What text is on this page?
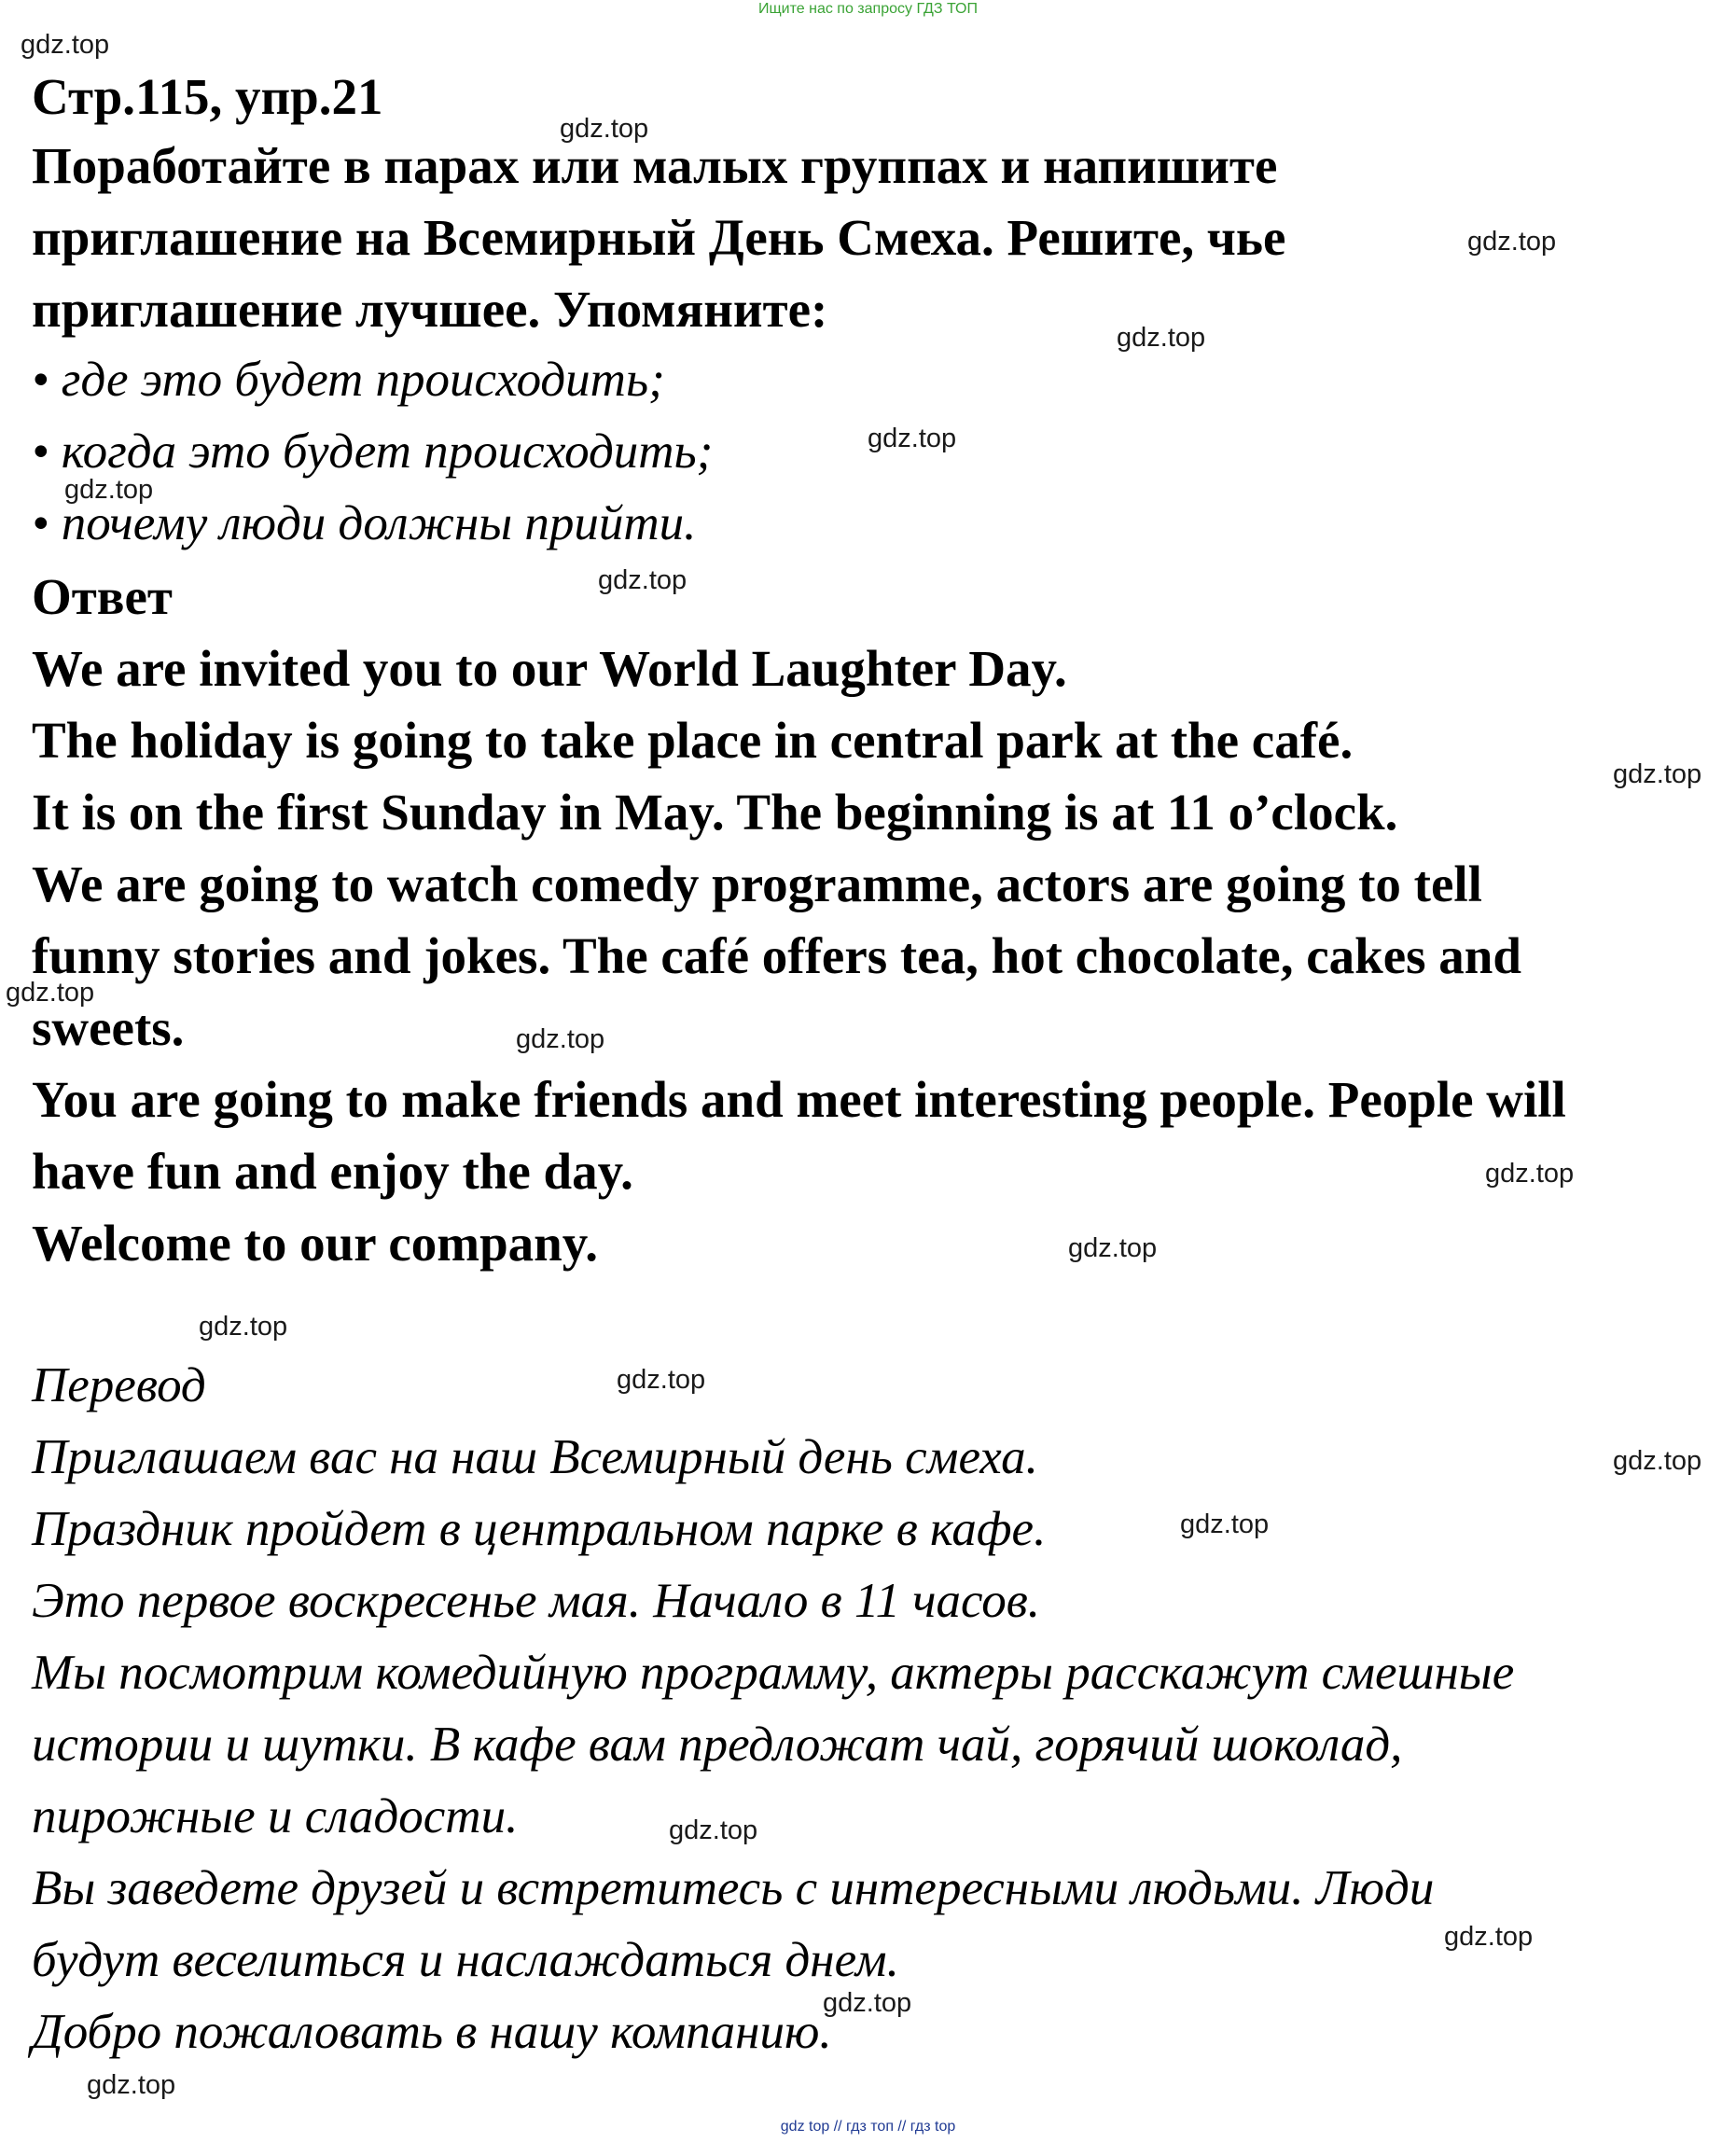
Ищите нас по запросу ГДЗ ТОП
Стр.115, упр.21
Поработайте в парах или малых группах и напишите
приглашение на Всемирный День Смеха. Решите, чье
приглашение лучшее. Упомяните:
• где это будет происходить;
• когда это будет происходить;
• почему люди должны прийти.
Ответ
We are invited you to our World Laughter Day.
The holiday is going to take place in central park at the café.
It is on the first Sunday in May. The beginning is at 11 o’clock.
We are going to watch comedy programme, actors are going to tell
funny stories and jokes. The café offers tea, hot chocolate, cakes and
sweets.
You are going to make friends and meet interesting people. People will
have fun and enjoy the day.
Welcome to our company.
Перевод
Приглашаем вас на наш Всемирный день смеха.
Праздник пройдет в центральном парке в кафе.
Это первое воскресенье мая. Начало в 11 часов.
Мы посмотрим комедийную программу, актеры расскажут смешные
истории и шутки. В кафе вам предложат чай, горячий шоколад,
пирожные и сладости.
Вы заведете друзей и встретитесь с интересными людьми. Люди
будут веселиться и наслаждаться днем.
Добро пожаловать в нашу компанию.
gdz.top
gdz.top
gdz.top
gdz.top
gdz.top
gdz.top
gdz.top
gdz.top
gdz.top
gdz.top
gdz.top
gdz.top
gdz.top
gdz.top
gdz.top
gdz.top
gdz.top
gdz.top
gdz.top
gdz.top
gdz top // гдз топ // гдз top
